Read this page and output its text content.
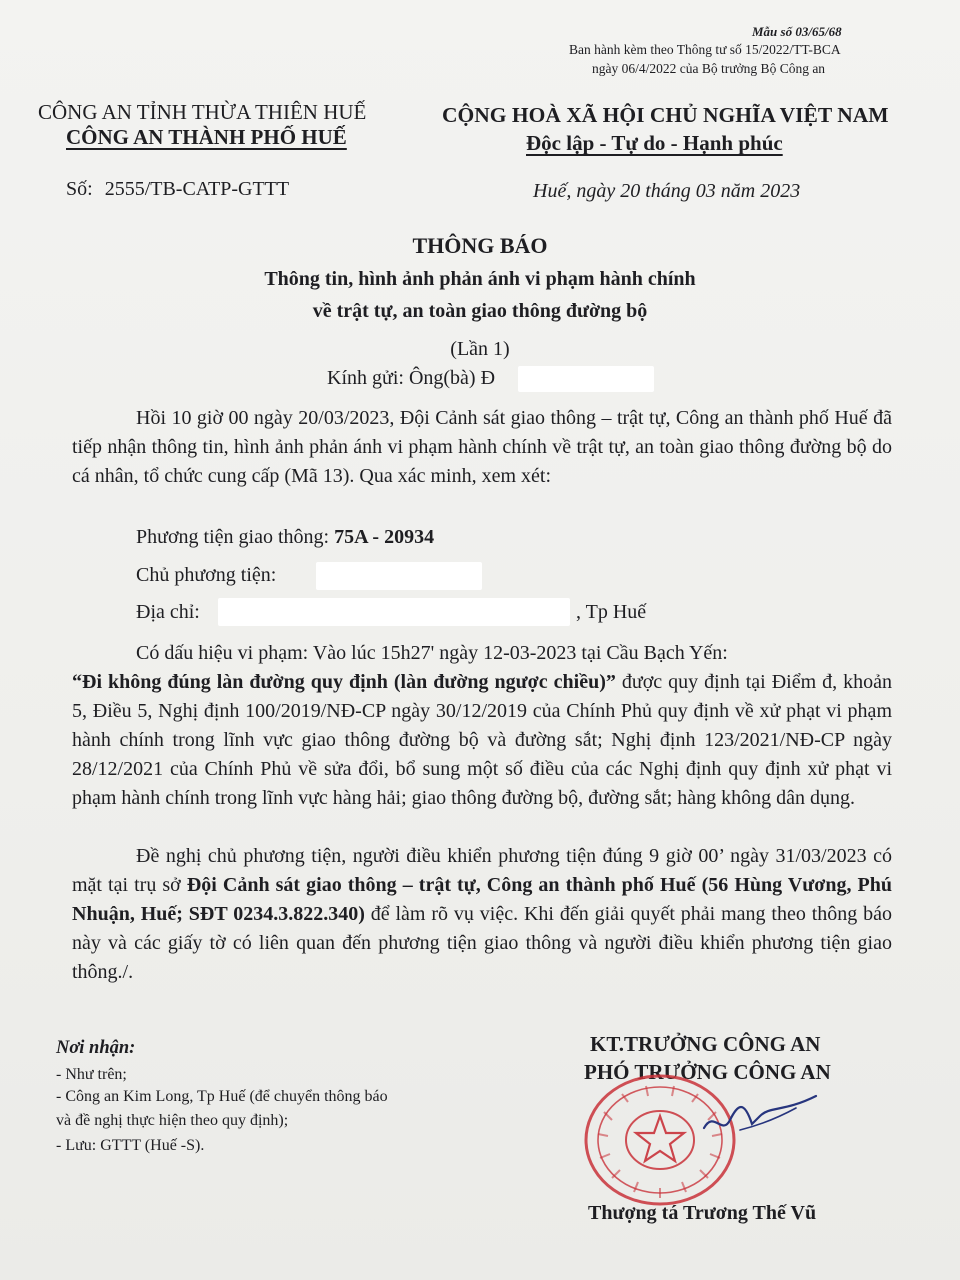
Mẫu số 03/65/68
Ban hành kèm theo Thông tư số 15/2022/TT-BCA
ngày 06/4/2022 của Bộ trưởng Bộ Công an
CÔNG AN TỈNH THỪA THIÊN HUẾ
CÔNG AN THÀNH PHỐ HUẾ
CỘNG HOÀ XÃ HỘI CHỦ NGHĨA VIỆT NAM
Độc lập - Tự do - Hạnh phúc
Số: 2555/TB-CATP-GTTT	Huế, ngày 20 tháng 03 năm 2023
THÔNG BÁO
Thông tin, hình ảnh phản ánh vi phạm hành chính
về trật tự, an toàn giao thông đường bộ
(Lần 1)
Kính gửi: Ông(bà) Đ
Hồi 10 giờ 00 ngày 20/03/2023, Đội Cảnh sát giao thông – trật tự, Công an thành phố Huế đã tiếp nhận thông tin, hình ảnh phản ánh vi phạm hành chính về trật tự, an toàn giao thông đường bộ do cá nhân, tổ chức cung cấp (Mã 13). Qua xác minh, xem xét:
Phương tiện giao thông: 75A - 20934
Chủ phương tiện:
Địa chỉ:	, Tp Huế
Có dấu hiệu vi phạm: Vào lúc 15h27' ngày 12-03-2023 tại Cầu Bạch Yến:
“Đi không đúng làn đường quy định (làn đường ngược chiều)” được quy định tại Điểm đ, khoản 5, Điều 5, Nghị định 100/2019/NĐ-CP ngày 30/12/2019 của Chính Phủ quy định về xử phạt vi phạm hành chính trong lĩnh vực giao thông đường bộ và đường sắt; Nghị định 123/2021/NĐ-CP ngày 28/12/2021 của Chính Phủ về sửa đổi, bổ sung một số điều của các Nghị định quy định xử phạt vi phạm hành chính trong lĩnh vực hàng hải; giao thông đường bộ, đường sắt; hàng không dân dụng.
Đề nghị chủ phương tiện, người điều khiển phương tiện đúng 9 giờ 00’ ngày 31/03/2023 có mặt tại trụ sở Đội Cảnh sát giao thông – trật tự, Công an thành phố Huế (56 Hùng Vương, Phú Nhuận, Huế; SĐT 0234.3.822.340) để làm rõ vụ việc. Khi đến giải quyết phải mang theo thông báo này và các giấy tờ có liên quan đến phương tiện giao thông và người điều khiển phương tiện giao thông./.
Nơi nhận:
- Như trên;
- Công an Kim Long, Tp Huế (để chuyển thông báo
và đề nghị thực hiện theo quy định);
- Lưu: GTTT (Huế -S).
KT.TRƯỞNG CÔNG AN
PHÓ TRƯỞNG CÔNG AN
Thượng tá Trương Thế Vũ
